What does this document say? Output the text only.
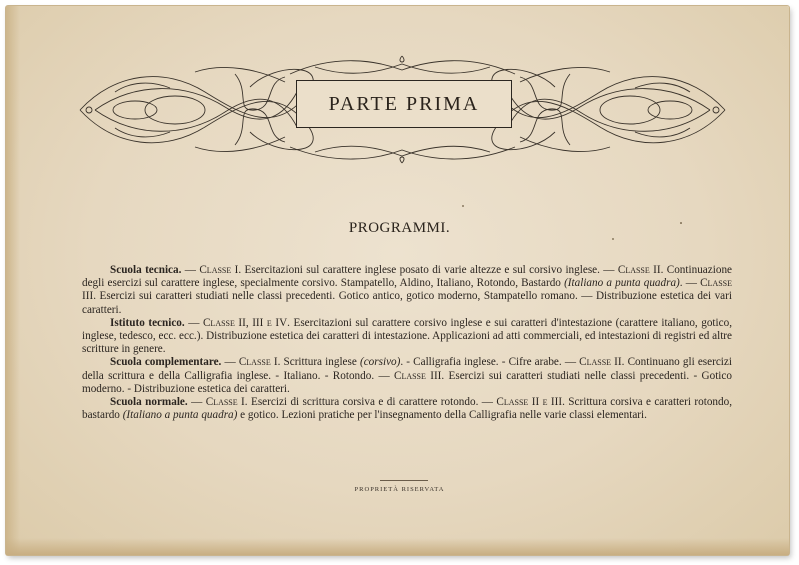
PARTE PRIMA
PROGRAMMI.

Scuola tecnica. — Classe I. Esercitazioni sul carattere inglese posato di varie altezze e sul corsivo inglese. — Classe II. Continuazione degli esercizi sul carattere inglese, specialmente corsivo. Stampatello, Aldino, Italiano, Rotondo, Bastardo (Italiano a punta quadra). — Classe III. Esercizi sui caratteri studiati nelle classi precedenti. Gotico antico, gotico moderno, Stampatello romano. — Distribuzione estetica dei vari caratteri.

Istituto tecnico. — Classe II, III e IV. Esercitazioni sul carattere corsivo inglese e sui caratteri d'intestazione (carattere italiano, gotico, inglese, tedesco, ecc. ecc.). Distribuzione estetica dei caratteri di intestazione. Applicazioni ad atti commerciali, ed intestazioni di registri ed altre scritture in genere.

Scuola complementare. — Classe I. Scrittura inglese (corsivo). - Calligrafia inglese. - Cifre arabe. — Classe II. Continuano gli esercizi della scrittura e della Calligrafia inglese. - Italiano. - Rotondo. — Classe III. Esercizi sui caratteri studiati nelle classi precedenti. - Gotico moderno. - Distribuzione estetica dei caratteri.

Scuola normale. — Classe I. Esercizi di scrittura corsiva e di carattere rotondo. — Classe II e III. Scrittura corsiva e caratteri rotondo, bastardo (Italiano a punta quadra) e gotico. Lezioni pratiche per l'insegnamento della Calligrafia nelle varie classi elementari.

PROPRIETÀ RISERVATA
